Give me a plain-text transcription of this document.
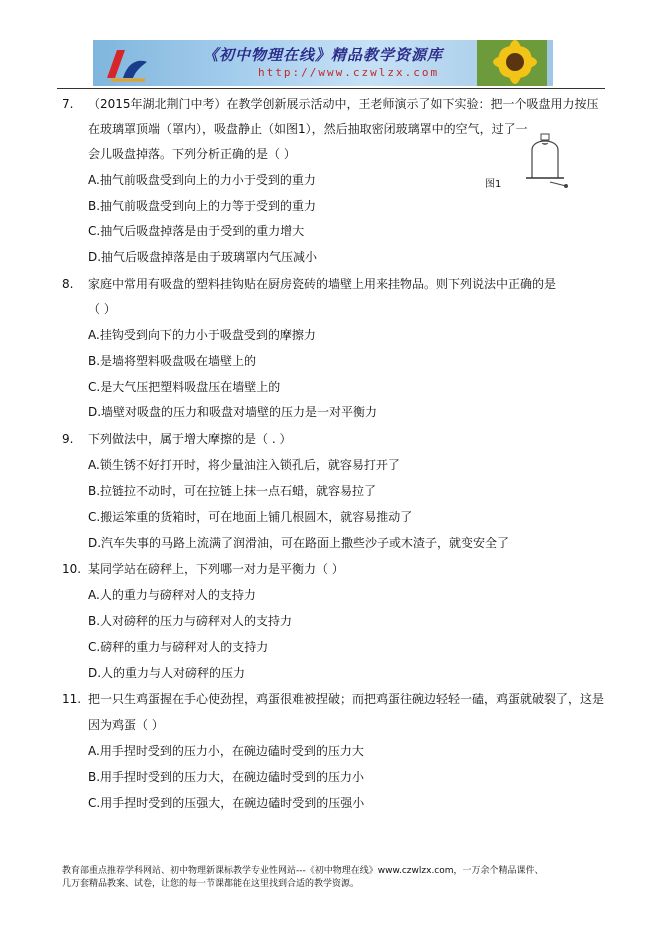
《初中物理在线》精品教学资源库
http://www.czwlzx.com
7. （2015年湖北荆门中考）在教学创新展示活动中，王老师演示了如下实验：把一个吸盘用力按压
在玻璃罩顶端（罩内），吸盘静止（如图1），然后抽取密闭玻璃罩中的空气，过了一
会儿吸盘掉落。下列分析正确的是（ ）
A.抽气前吸盘受到向上的力小于受到的重力
B.抽气前吸盘受到向上的力等于受到的重力
C.抽气后吸盘掉落是由于受到的重力增大
D.抽气后吸盘掉落是由于玻璃罩内气压减小
图1
8. 家庭中常用有吸盘的塑料挂钩贴在厨房瓷砖的墙壁上用来挂物品。则下列说法中正确的是
（ ）
A.挂钩受到向下的力小于吸盘受到的摩擦力
B.是墙将塑料吸盘吸在墙壁上的
C.是大气压把塑料吸盘压在墙壁上的
D.墙壁对吸盘的压力和吸盘对墙壁的压力是一对平衡力
9. 下列做法中，属于增大摩擦的是（ . ）
A.锁生锈不好打开时，将少量油注入锁孔后，就容易打开了
B.拉链拉不动时，可在拉链上抹一点石蜡，就容易拉了
C.搬运笨重的货箱时，可在地面上铺几根圆木，就容易推动了
D.汽车失事的马路上流满了润滑油，可在路面上撒些沙子或木渣子，就变安全了
10. 某同学站在磅秤上，下列哪一对力是平衡力（ ）
A.人的重力与磅秤对人的支持力
B.人对磅秤的压力与磅秤对人的支持力
C.磅秤的重力与磅秤对人的支持力
D.人的重力与人对磅秤的压力
11. 把一只生鸡蛋握在手心使劲捏，鸡蛋很难被捏破；而把鸡蛋往碗边轻轻一磕，鸡蛋就破裂了，这是
因为鸡蛋（ ）
A.用手捏时受到的压力小，在碗边磕时受到的压力大
B.用手捏时受到的压力大，在碗边磕时受到的压力小
C.用手捏时受到的压强大，在碗边磕时受到的压强小
教育部重点推荐学科网站、初中物理新课标教学专业性网站---《初中物理在线》www.czwlzx.com，一万余个精品课件、
几万套精品教案、试卷，让您的每一节课都能在这里找到合适的教学资源。
